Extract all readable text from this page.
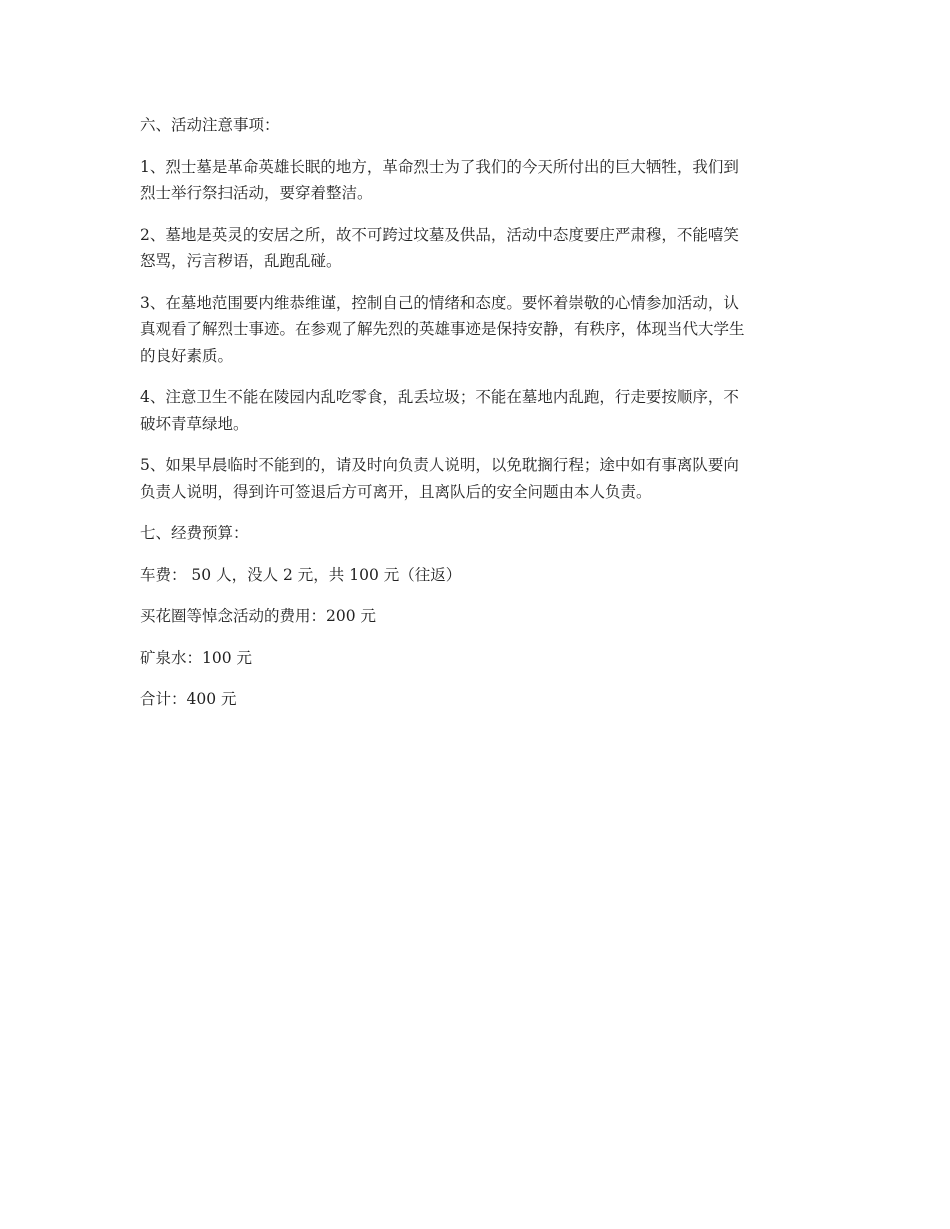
六、活动注意事项：

1、烈士墓是革命英雄长眠的地方，革命烈士为了我们的今天所付出的巨大牺牲，我们到
烈士举行祭扫活动，要穿着整洁。

2、墓地是英灵的安居之所，故不可跨过坟墓及供品，活动中态度要庄严肃穆，不能嘻笑
怒骂，污言秽语，乱跑乱碰。

3、在墓地范围要内维恭维谨，控制自己的情绪和态度。要怀着崇敬的心情参加活动，认
真观看了解烈士事迹。在参观了解先烈的英雄事迹是保持安静，有秩序，体现当代大学生
的良好素质。

4、注意卫生不能在陵园内乱吃零食，乱丢垃圾；不能在墓地内乱跑，行走要按顺序，不
破坏青草绿地。

5、如果早晨临时不能到的，请及时向负责人说明，以免耽搁行程；途中如有事离队要向
负责人说明，得到许可签退后方可离开，且离队后的安全问题由本人负责。

七、经费预算：

车费： 50 人，没人 2 元，共 100 元（往返）

买花圈等悼念活动的费用：200 元

矿泉水：100 元

合计：400 元
